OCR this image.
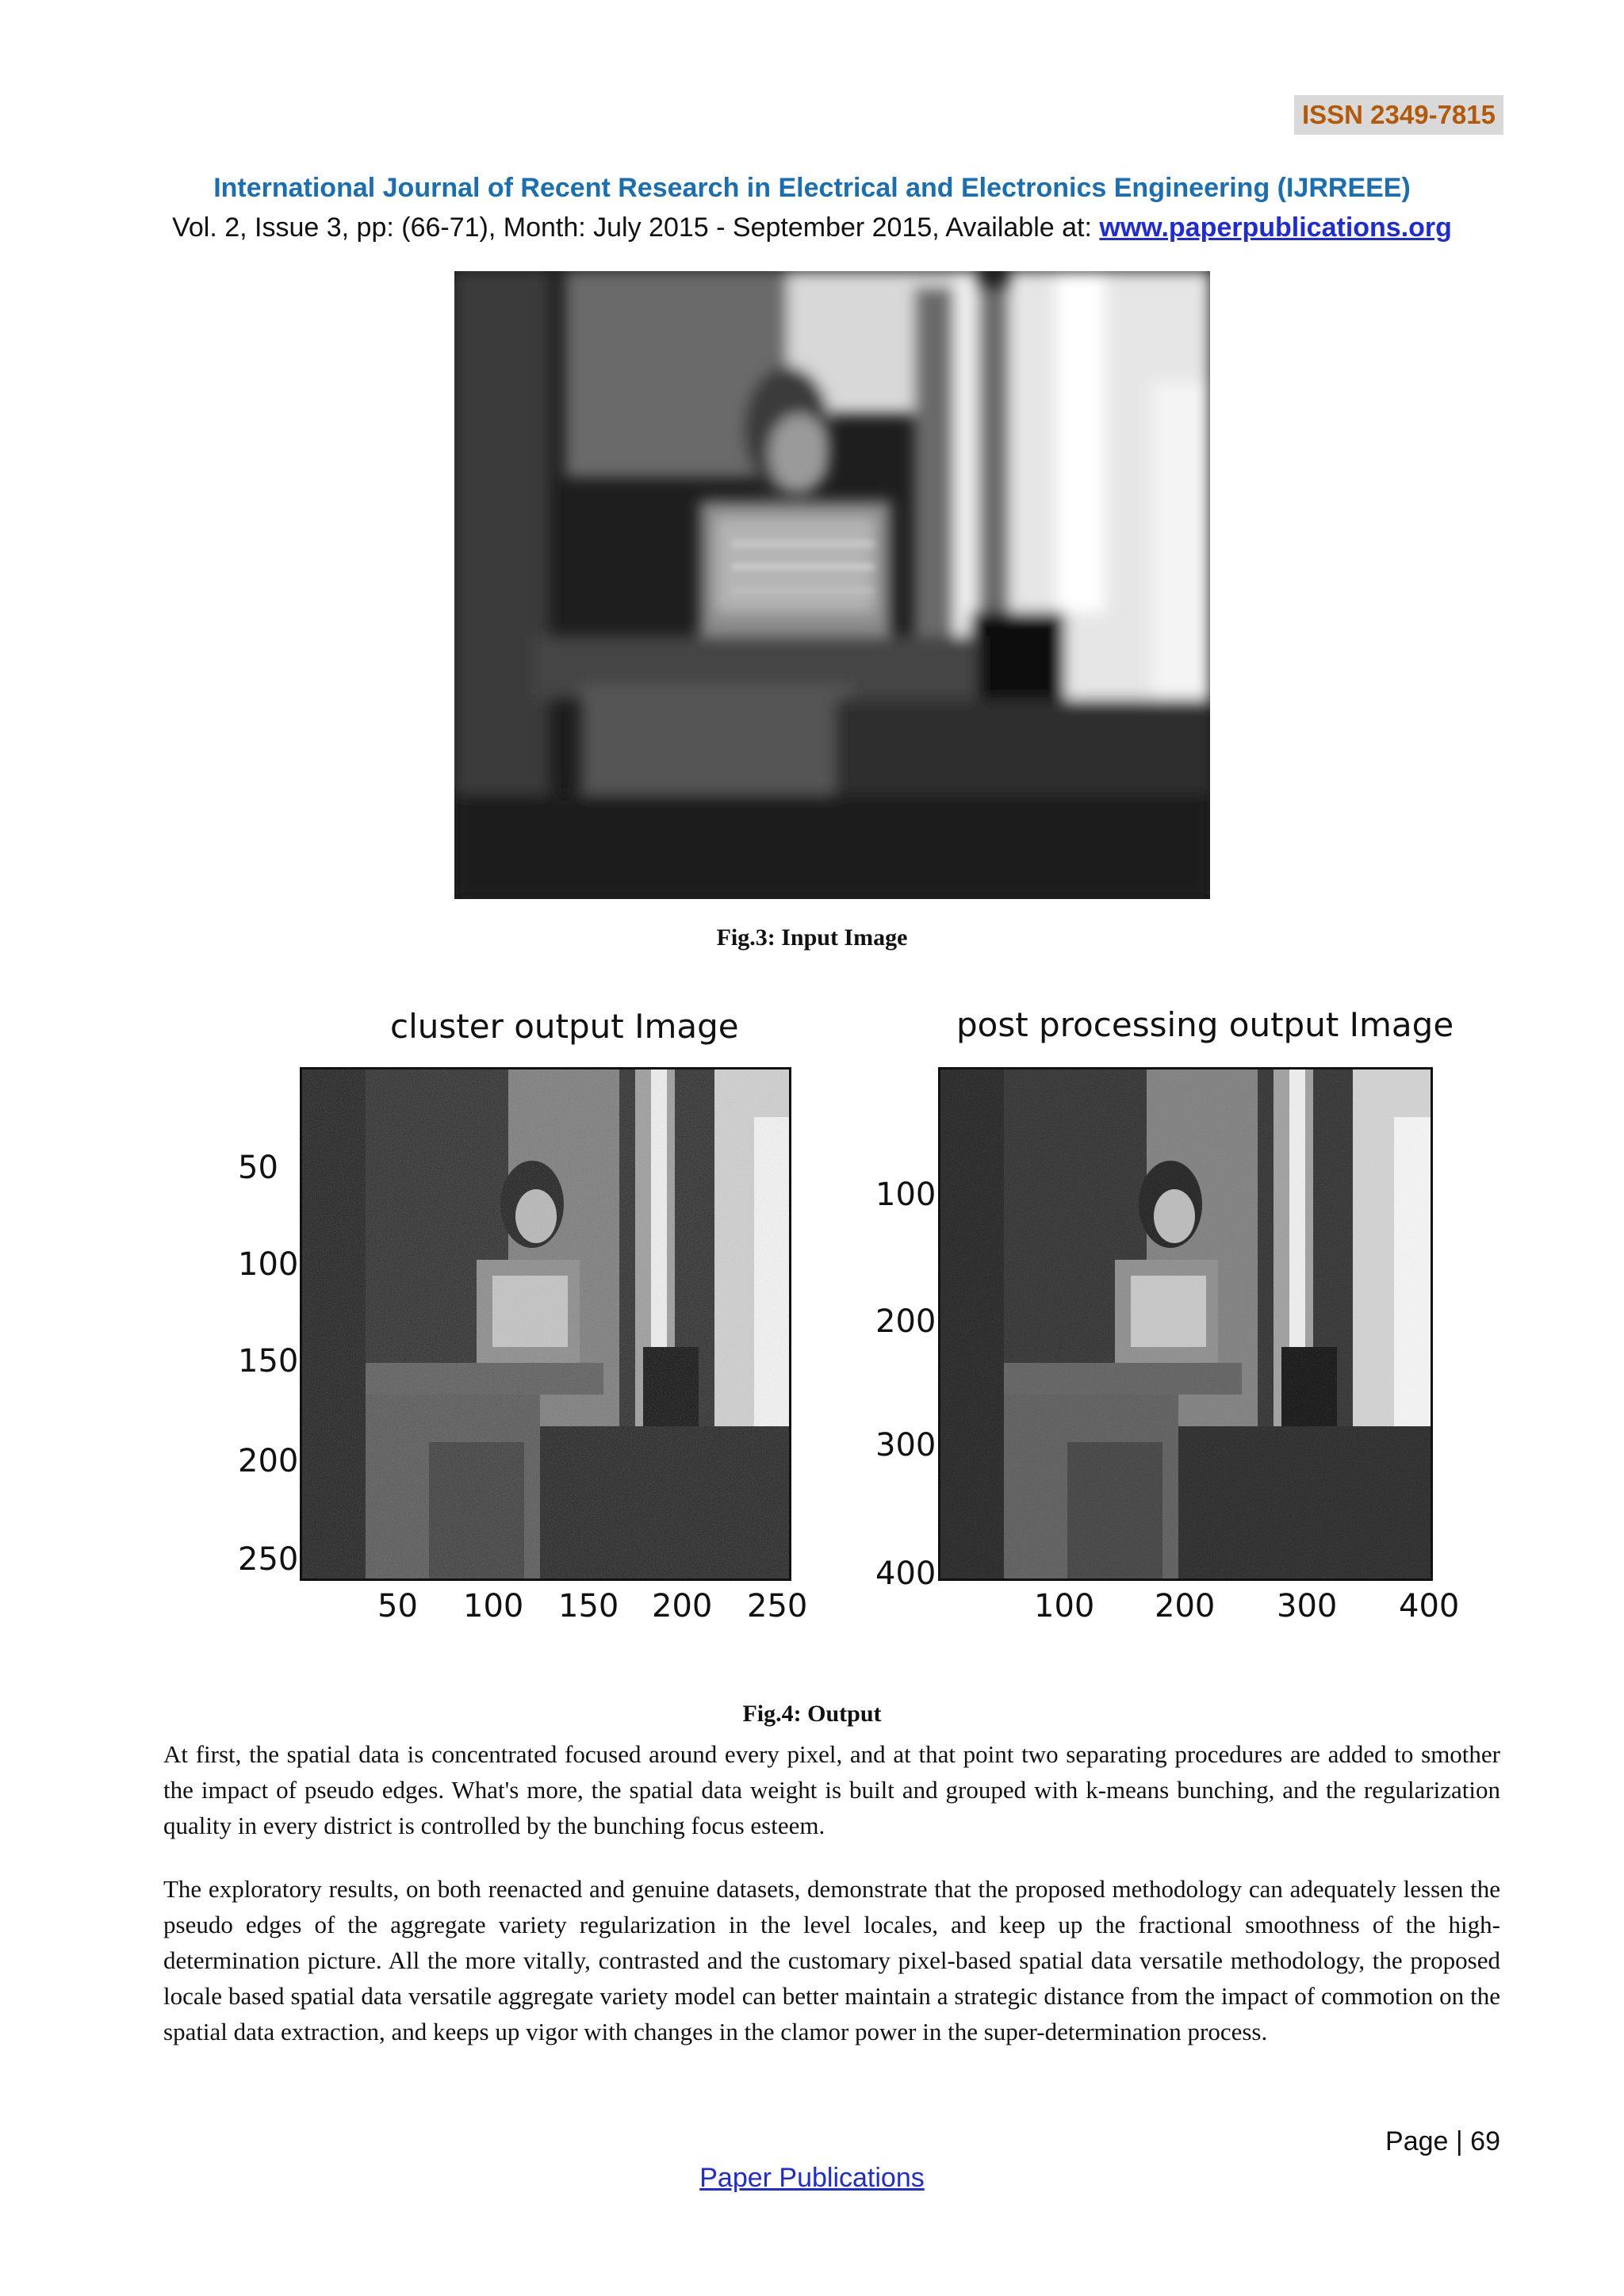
ISSN 2349-7815
International Journal of Recent Research in Electrical and Electronics Engineering (IJRREEE)
Vol. 2, Issue 3, pp: (66-71), Month: July 2015 - September 2015, Available at: www.paperpublications.org
Fig.3: Input Image
cluster output Image
50
100
150
200
250
50 100 150 200 250
post processing output Image
100
200
300
400
100 200 300 400
Fig.4: Output

At first, the spatial data is concentrated focused around every pixel, and at that point two separating procedures are added to smother the impact of pseudo edges. What's more, the spatial data weight is built and grouped with k-means bunching, and the regularization quality in every district is controlled by the bunching focus esteem.

The exploratory results, on both reenacted and genuine datasets, demonstrate that the proposed methodology can adequately lessen the pseudo edges of the aggregate variety regularization in the level locales, and keep up the fractional smoothness of the high-determination picture. All the more vitally, contrasted and the customary pixel-based spatial data versatile methodology, the proposed locale based spatial data versatile aggregate variety model can better maintain a strategic distance from the impact of commotion on the spatial data extraction, and keeps up vigor with changes in the clamor power in the super-determination process.

Page | 69
Paper Publications
